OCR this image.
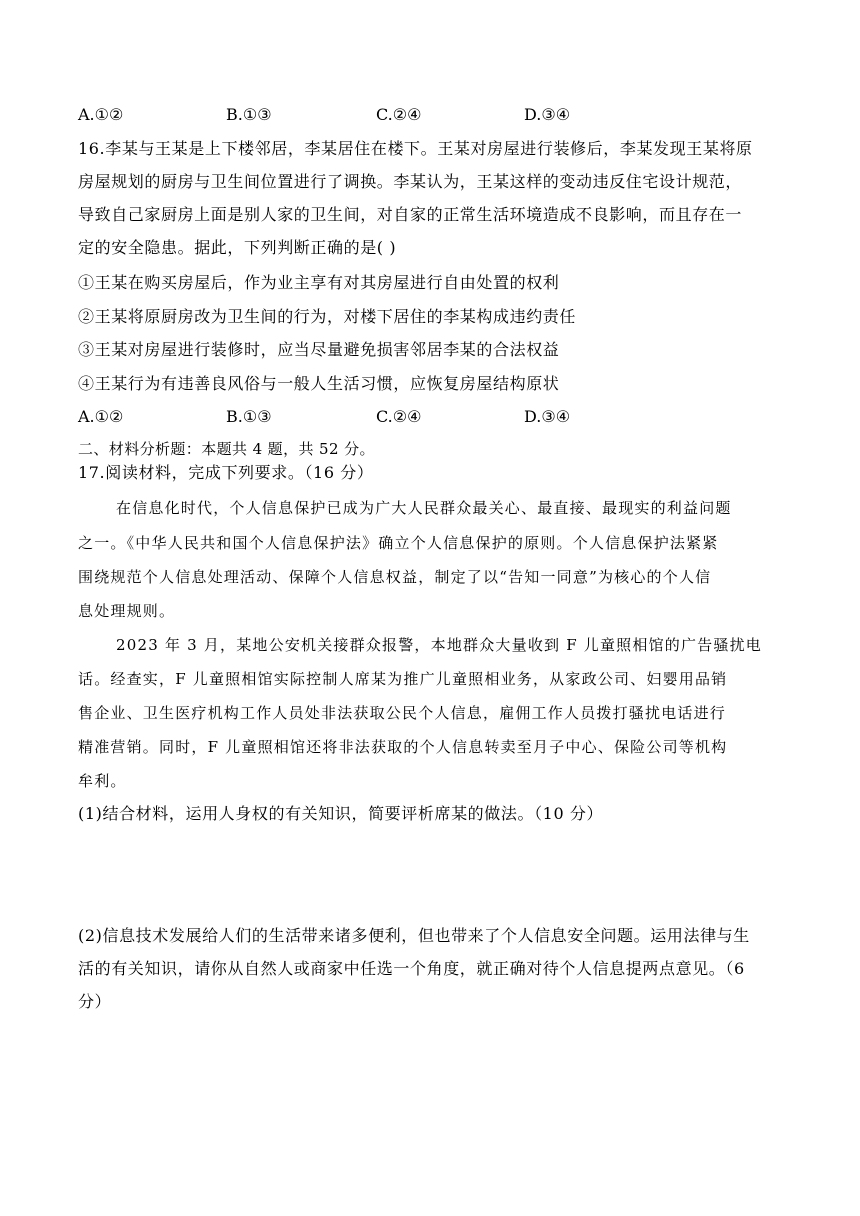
A.①②	B.①③	C.②④	D.③④
16.李某与王某是上下楼邻居，李某居住在楼下。王某对房屋进行装修后，李某发现王某将原
房屋规划的厨房与卫生间位置进行了调换。李某认为，王某这样的变动违反住宅设计规范，
导致自己家厨房上面是别人家的卫生间，对自家的正常生活环境造成不良影响，而且存在一
定的安全隐患。据此，下列判断正确的是( )
①王某在购买房屋后，作为业主享有对其房屋进行自由处置的权利
②王某将原厨房改为卫生间的行为，对楼下居住的李某构成违约责任
③王某对房屋进行装修时，应当尽量避免损害邻居李某的合法权益
④王某行为有违善良风俗与一般人生活习惯，应恢复房屋结构原状
A.①②	B.①③	C.②④	D.③④
二、材料分析题：本题共 4 题，共 52 分。
17.阅读材料，完成下列要求。（16 分）
在信息化时代，个人信息保护已成为广大人民群众最关心、最直接、最现实的利益问题
之一。《中华人民共和国个人信息保护法》确立个人信息保护的原则。个人信息保护法紧紧
围绕规范个人信息处理活动、保障个人信息权益，制定了以“告知一同意”为核心的个人信
息处理规则。
2023 年 3 月，某地公安机关接群众报警，本地群众大量收到 F 儿童照相馆的广告骚扰电
话。经查实，F 儿童照相馆实际控制人席某为推广儿童照相业务，从家政公司、妇婴用品销
售企业、卫生医疗机构工作人员处非法获取公民个人信息，雇佣工作人员拨打骚扰电话进行
精准营销。同时，F 儿童照相馆还将非法获取的个人信息转卖至月子中心、保险公司等机构
牟利。
(1)结合材料，运用人身权的有关知识，简要评析席某的做法。（10 分）
(2)信息技术发展给人们的生活带来诸多便利，但也带来了个人信息安全问题。运用法律与生
活的有关知识，请你从自然人或商家中任选一个角度，就正确对待个人信息提两点意见。（6
分）
